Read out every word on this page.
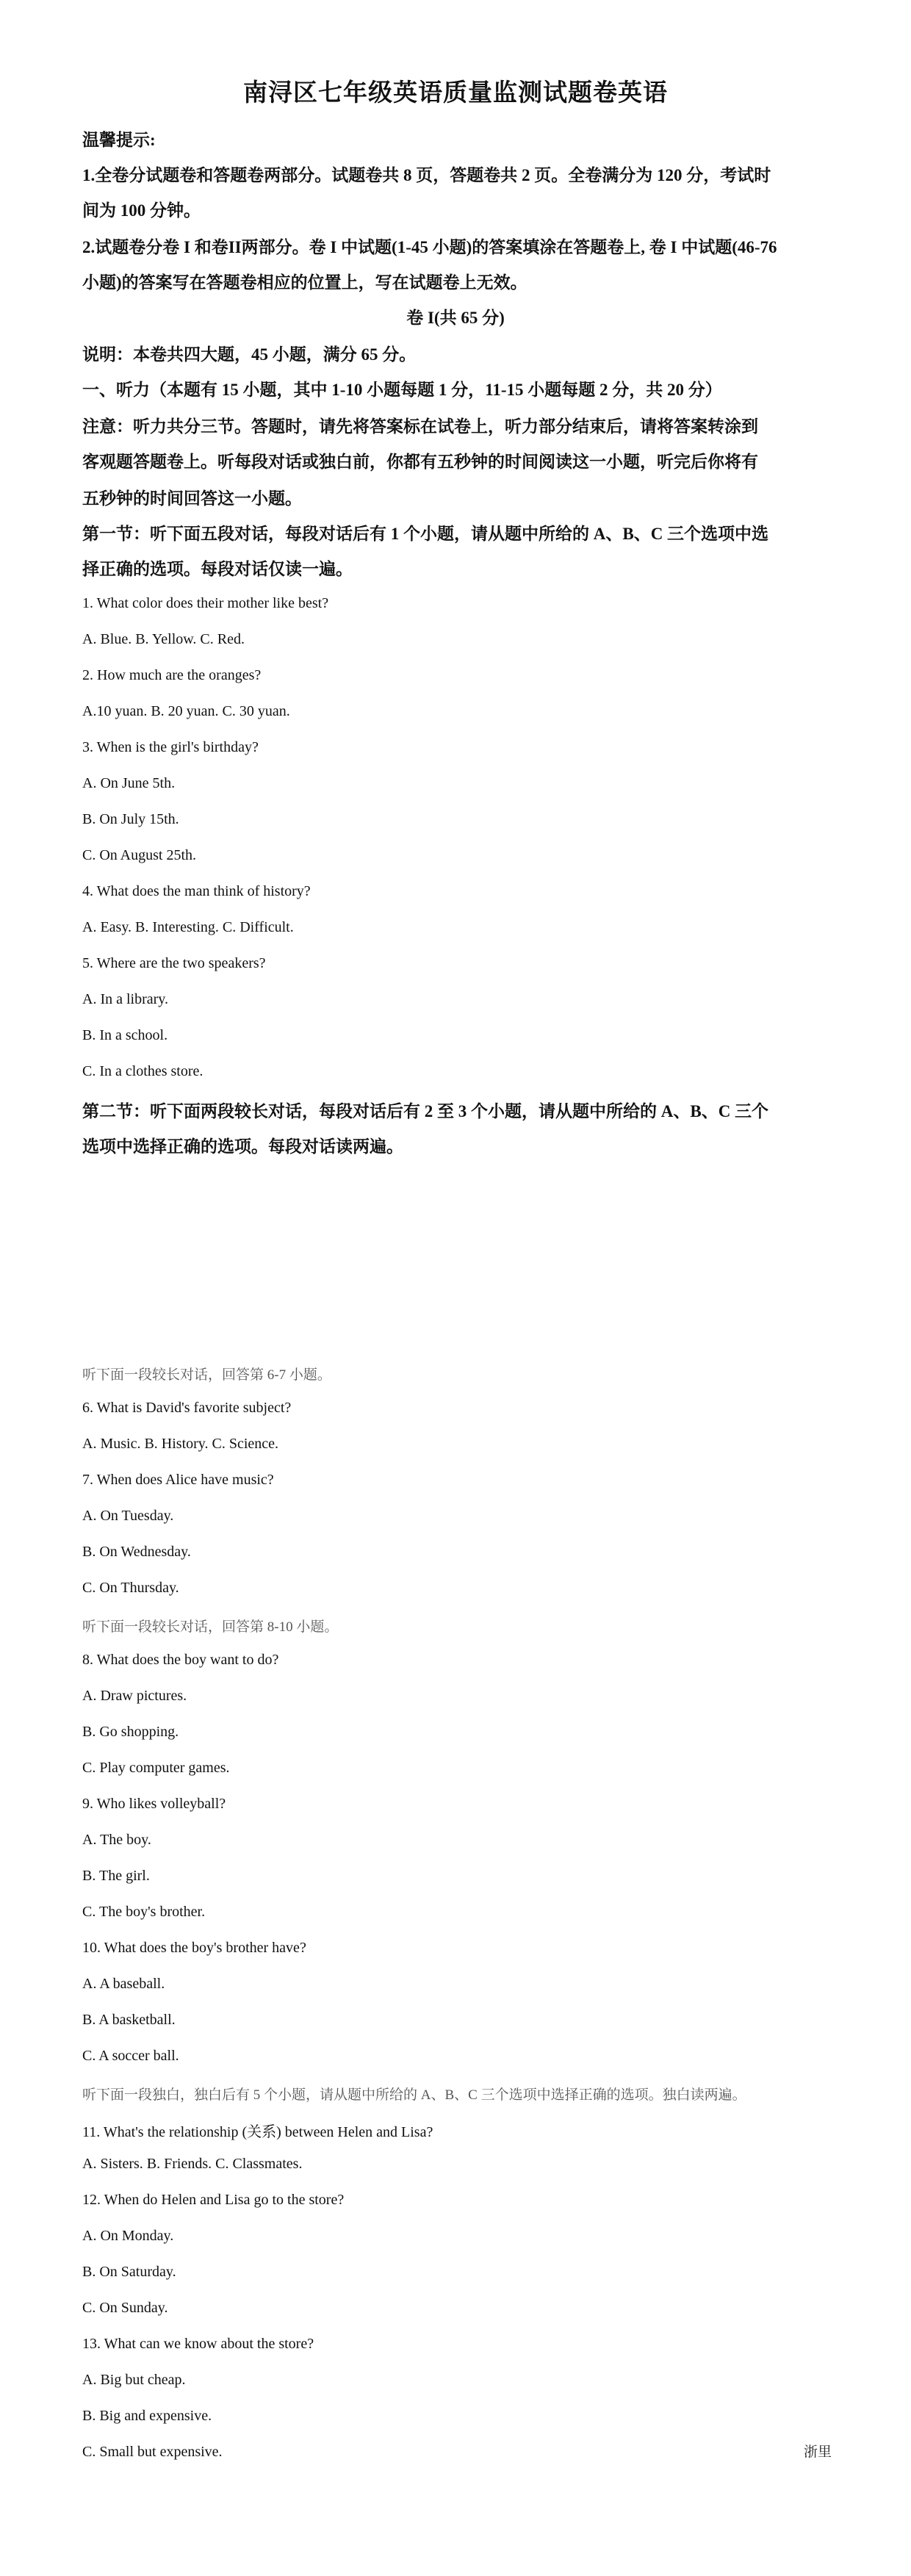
南浔区七年级英语质量监测试题卷英语
温馨提示:
1.全卷分试题卷和答题卷两部分。试题卷共 8 页，答题卷共 2 页。全卷满分为 120 分，考试时
间为 100 分钟。
2.试题卷分卷 I 和卷II两部分。卷 I 中试题(1-45 小题)的答案填涂在答题卷上, 卷 I 中试题(46-76
小题)的答案写在答题卷相应的位置上，写在试题卷上无效。
卷 I(共 65 分)
说明：本卷共四大题，45 小题，满分 65 分。
一、听力（本题有 15 小题，其中 1-10 小题每题 1 分，11-15 小题每题 2 分，共 20 分）
注意：听力共分三节。答题时，请先将答案标在试卷上，听力部分结束后，请将答案转涂到
客观题答题卷上。听每段对话或独白前，你都有五秒钟的时间阅读这一小题，听完后你将有
五秒钟的时间回答这一小题。
第一节：听下面五段对话，每段对话后有 1 个小题，请从题中所给的 A、B、C 三个选项中选
择正确的选项。每段对话仅读一遍。
1. What color does their mother like best?
A. Blue. B. Yellow. C. Red.
2. How much are the oranges?
A.10 yuan. B. 20 yuan. C. 30 yuan.
3. When is the girl's birthday?
A. On June 5th.
B. On July 15th.
C. On August 25th.
4. What does the man think of history?
A. Easy. B. Interesting. C. Difficult.
5. Where are the two speakers?
A. In a library.
B. In a school.
C. In a clothes store.
第二节：听下面两段较长对话，每段对话后有 2 至 3 个小题，请从题中所给的 A、B、C 三个
选项中选择正确的选项。每段对话读两遍。
听下面一段较长对话，回答第 6-7 小题。
6. What is David's favorite subject?
A. Music. B. History. C. Science.
7. When does Alice have music?
A. On Tuesday.
B. On Wednesday.
C. On Thursday.
听下面一段较长对话，回答第 8-10 小题。
8. What does the boy want to do?
A. Draw pictures.
B. Go shopping.
C. Play computer games.
9. Who likes volleyball?
A. The boy.
B. The girl.
C. The boy's brother.
10. What does the boy's brother have?
A. A baseball.
B. A basketball.
C. A soccer ball.
听下面一段独白，独白后有 5 个小题，请从题中所给的 A、B、C 三个选项中选择正确的选项。独白读两遍。
11. What's the relationship (关系) between Helen and Lisa?
A. Sisters. B. Friends. C. Classmates.
12. When do Helen and Lisa go to the store?
A. On Monday.
B. On Saturday.
C. On Sunday.
13. What can we know about the store?
A. Big but cheap.
B. Big and expensive.
C. Small but expensive.	浙里
